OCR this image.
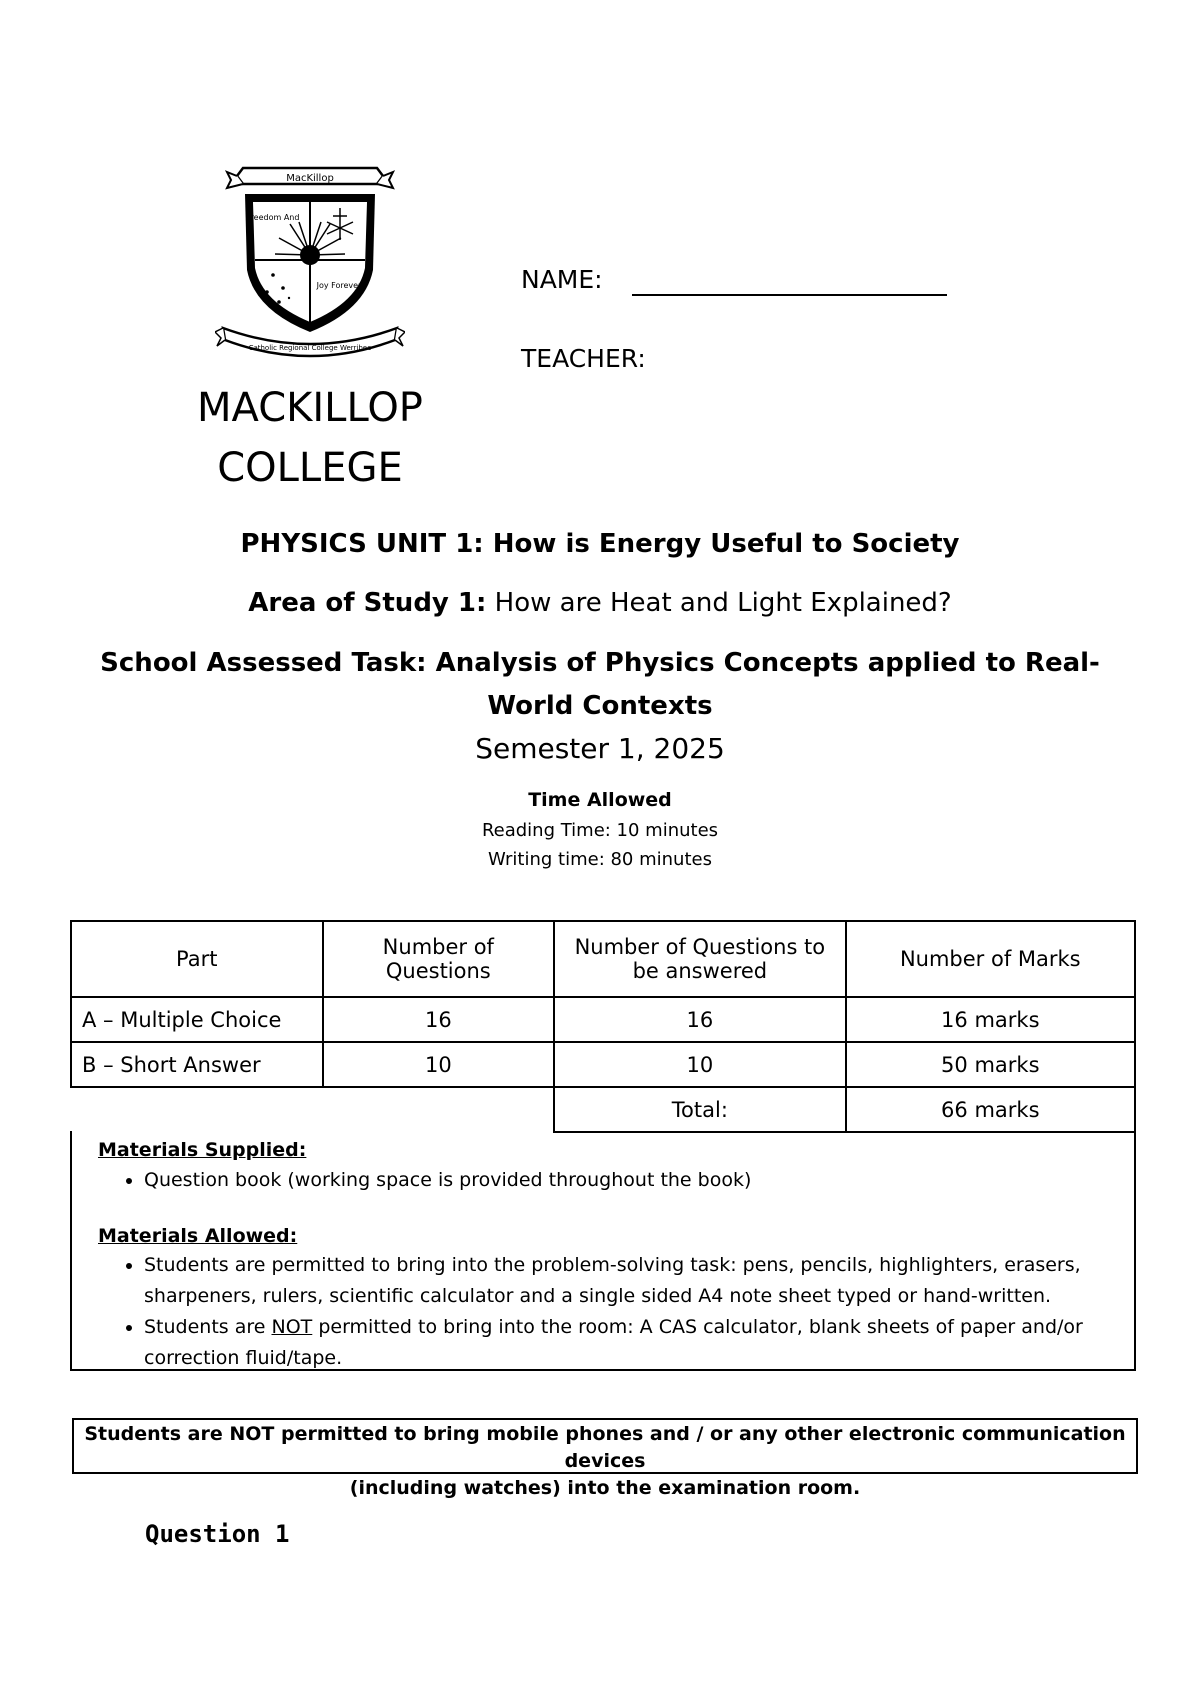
MacKillop
Freedom And
Joy Forever
Catholic Regional College Werribee
MACKILLOP
COLLEGE
NAME:
TEACHER:
PHYSICS UNIT 1: How is Energy Useful to Society
Area of Study 1: How are Heat and Light Explained?
School Assessed Task: Analysis of Physics Concepts applied to Real-
World Contexts
Semester 1, 2025
Time Allowed
Reading Time: 10 minutes
Writing time: 80 minutes
Part	Number of Questions	Number of Questions to be answered	Number of Marks
A – Multiple Choice	16	16	16 marks
B – Short Answer	10	10	50 marks
		Total:	66 marks
Materials Supplied:
• Question book (working space is provided throughout the book)
Materials Allowed:
• Students are permitted to bring into the problem-solving task: pens, pencils, highlighters, erasers, sharpeners, rulers, scientific calculator and a single sided A4 note sheet typed or hand-written.
• Students are NOT permitted to bring into the room: A CAS calculator, blank sheets of paper and/or correction fluid/tape.
Students are NOT permitted to bring mobile phones and / or any other electronic communication devices
(including watches) into the examination room.
Question 1
